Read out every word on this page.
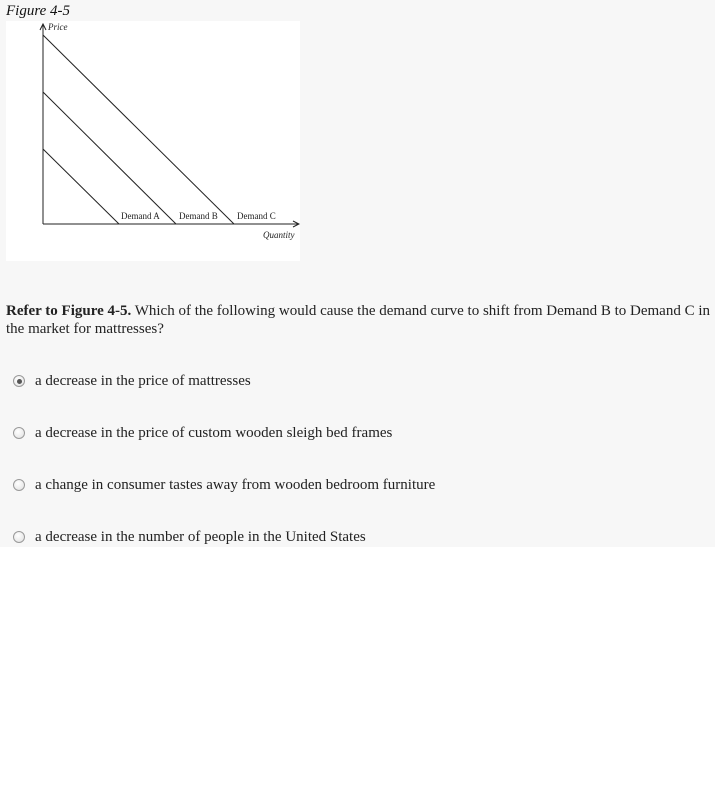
Figure 4-5
Price
Quantity
Demand A Demand B Demand C
Refer to Figure 4-5. Which of the following would cause the demand curve to shift from Demand B to Demand C in the market for mattresses?
a decrease in the price of mattresses
a decrease in the price of custom wooden sleigh bed frames
a change in consumer tastes away from wooden bedroom furniture
a decrease in the number of people in the United States
